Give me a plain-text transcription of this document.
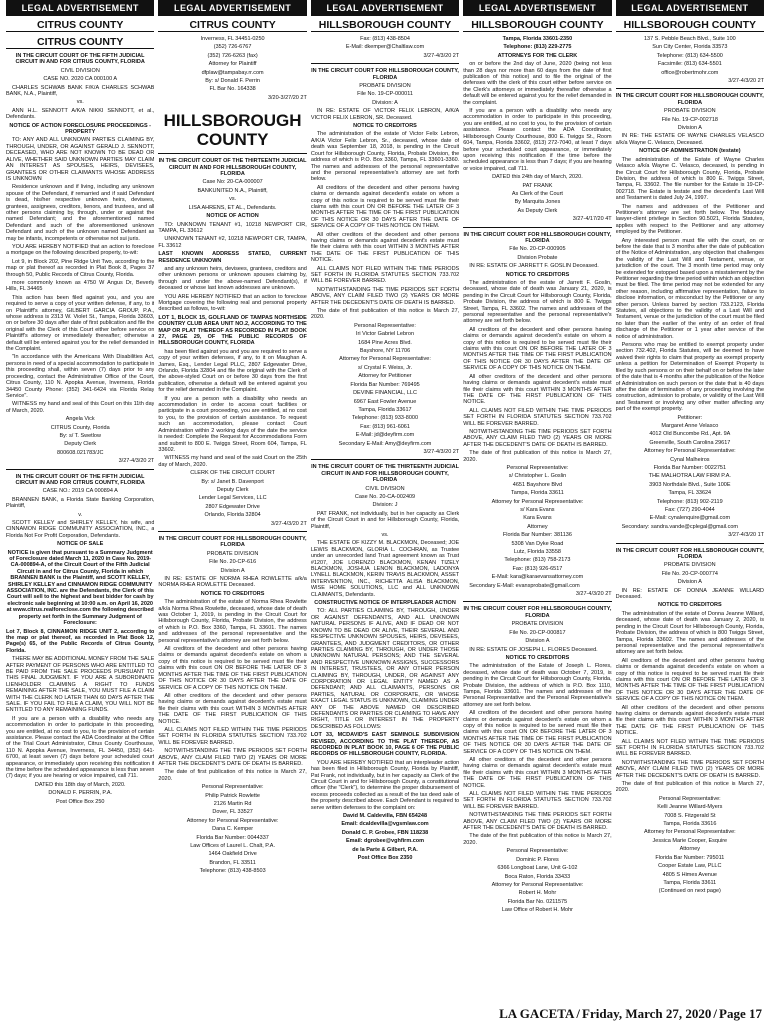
LEGAL ADVERTISEMENT
CITRUS COUNTY
CITRUS COUNTY

IN THE CIRCUIT COURT OF THE FIFTH JUDICIAL CIRCUIT IN AND FOR CITRUS COUNTY, FLORIDA

CIVIL DIVISION

CASE NO. 2020 CA 000100 A

CHARLES SCHWAB BANK F/K/A CHARLES SCHWAB BANK, N.A., Plaintiff,

vs.

ANN H.L. SENNOTT A/K/A NIKKI SENNOTT, et al., Defendants.

NOTICE OF ACTION FORECLOSURE PROCEEDINGS - PROPERTY

TO: ANY AND ALL UNKNOWN PARTIES CLAIMING BY, THROUGH, UNDER, OR AGAINST GERALD J. SENNOTT, DECEASED, WHO ARE NOT KNOWN TO BE DEAD OR ALIVE, WHETHER SAID UNKNOWN PARTIES MAY CLAIM AN INTEREST AS SPOUSES, HEIRS, DEVISEES, GRANTEES OR OTHER CLAIMANTS WHOSE ADDRESS IS UNKNOWN

Residence unknown and if living, including any unknown spouse of the Defendant, if remarried and if said Defendant is dead, his/her respective unknown heirs, devisees, grantees, assignees, creditors, lienors, and trustees, and all other persons claiming by, through, under or against the named Defendant; and the aforementioned named Defendant and such of the aforementioned unknown Defendant and such of the unknown named Defendant as may be infants, incompetents or otherwise not sui juris.

YOU ARE HEREBY NOTIFIED that an action to foreclose a mortgage on the following described property, to-wit:

Lot 9, in Block 202, Pine Ridge Unit Two, according to the map or plat thereof as recorded in Plat Book 8, Pages 37 through 50, Public Records of Citrus County, Florida.

more commonly known as 4750 W Angus Dr, Beverly Hills, FL 34465

This action has been filed against you, and you are required to serve a copy of your written defense, if any, to it on Plaintiff's attorney, GILBERT GARCIA GROUP, P.A., whose address is 2313 W. Violet St., Tampa, Florida 33603, on or before 30 days after date of first publication and file the original with the Clerk of this Court either before service on Plaintiff's attorney or immediately thereafter; otherwise a default will be entered against you for the relief demanded in the Complaint.

"In accordance with the Americans With Disabilities Act, persons in need of a special accommodation to participate in this proceeding shall, within seven (7) days prior to any proceeding, contact the Administrative Office of the Court, Citrus County, 110 N. Apopka Avenue, Inverness, Florida 34450 County Phone: (352) 341-6424 via Florida Relay Service".

WITNESS my hand and seal of this Court on this 11th day of March, 2020.

Angela Vick

CITRUS County, Florida

By: s/ T. Swetlow

Deputy Clerk

800608.021783/JC

3/27-4/3/20 2T

IN THE CIRCUIT COURT OF THE FIFTH JUDICIAL CIRCUIT IN AND FOR CITRUS COUNTY, FLORIDA

CASE NO.: 2019 CA 000894 A

BRANNEN BANK, a Florida State Banking Corporation, Plaintiff,

v.

SCOTT KELLEY and SHIRLEY KELLEY, his wife, and CINNAMON RIDGE COMMUNITY ASSOCIATION, INC., a Florida Not For Profit Corporation, Defendants.

NOTICE OF SALE

NOTICE is given that pursuant to a Summary Judgment of Foreclosure dated March 11, 2020 in Case No. 2019-CA-000894-A, of the Circuit Court of the Fifth Judicial Circuit in and for Citrus County, Florida in which BRANNEN BANK is the Plaintiff, and SCOTT KELLEY, SHIRLEY KELLEY and CINNAMON RIDGE COMMUNITY ASSOCIATION, INC. are the Defendants, the Clerk of this Court will sell to the highest and best bidder for cash by electronic sale beginning at 10:00 a.m. on April 16, 2020 at www.citrus.realforeclose.com the following described property set forth in the Summary Judgment of Foreclosure:

Lot 7, Block 8, CINNAMON RIDGE UNIT 2, according to the map or plat thereof, as recorded in Plat Book 12, Page(s) 65, of the Public Records of Citrus County, Florida.

THERE MAY BE ADDITIONAL MONEY FROM THE SALE AFTER PAYMENT OF PERSONS WHO ARE ENTITLED TO BE PAID FROM THE SALE PROCEEDS PURSUANT TO THIS FINAL JUDGMENT. IF YOU ARE A SUBORDINATE LIENHOLDER CLAIMING A RIGHT TO FUNDS REMAINING AFTER THE SALE, YOU MUST FILE A CLAIM WITH THE CLERK NO LATER THAN 60 DAYS AFTER THE SALE. IF YOU FAIL TO FILE A CLAIM, YOU WILL NOT BE ENTITLED TO ANY REMAINING FUNDS.

If you are a person with a disability who needs any accommodation in order to participate in this proceeding, you are entitled, at no cost to you, to the provision of certain assistance. Please contact the ADA Coordinator at the Office of the Trial Court Administrator, Citrus County Courthouse, 110 N. Apopka Avenue, Inverness, FL 34450, (352) 641-6700, at least seven (7) days before your scheduled court appearance, or immediately upon receiving this notification if the time before the scheduled appearance is less than seven (7) days; if you are hearing or voice impaired, call 711.

DATED this 18th day of March, 2020.

DONALD F. PERRIN, P.A.

Post Office Box 250

LEGAL ADVERTISEMENT
CITRUS COUNTY

Inverness, FL 34451-0250

(352) 726-6767

(352) 726-6263 (fax)

Attorney for Plaintiff

dfplaw@tampabay.rr.com

By: s/ Donald F. Perrin

FL Bar No. 164338

3/20-3/27/20 2T

HILLSBOROUGH COUNTY

IN THE CIRCUIT COURT OF THE THIRTEENTH JUDICIAL CIRCUIT IN AND FOR HILLSBOROUGH COUNTY, FLORIDA

Case No: 20-CA-000007

BANKUNITED N.A., Plaintiff,

vs.

LISA AHRENS, ET AL., Defendants.

NOTICE OF ACTION

TO: UNKNOWN TENANT #1, 10218 NEWPORT CIR, TAMPA, FL 33612

UNKNOWN TENANT #2, 10218 NEWPORT CIR, TAMPA, FL 33612

LAST KNOWN ADDRESS STATED, CURRENT RESIDENCE UNKNOWN

and any unknown heirs, devisees, grantees, creditors and other unknown persons or unknown spouses claiming by, through and under the above-named Defendant(s), if deceased or whose last known addresses are unknown.

YOU ARE HEREBY NOTIFIED that an action to foreclose Mortgage covering the following real and personal property described as follows, to-wit:

LOT 1, BLOCK 15, GOLFLAND OF TAMPAS NORTHSIDE COUNTRY CLUB AREA UNIT NO.2, ACCORDING TO THE MAP OR PLAT THEREOF AS RECORDED IN PLAT BOOK 27, PAGE 29, OF THE PUBLIC RECORDS OF HILLSBOROUGH COUNTY, FLORIDA

has been filed against you and you are required to serve a copy of your written defenses, if any, to it on Maughan A. James, Esq., Lender Legal PLLC, 2807 Edgewater Drive, Orlando, Florida 32804 and file the original with the Clerk of the above-styled Court on or before 30 days from the first publication, otherwise a default will be entered against you for the relief demanded in the Complaint.

If you are a person with a disability who needs an accommodation in order to access court facilities or participate in a court proceeding, you are entitled, at no cost to you, to the provision of certain assistance. To request such an accommodation, please contact Court Administration within 2 working days of the date the service is needed: Complete the Request for Accommodations Form and submit to 800 E. Twiggs Street, Room 604, Tampa, FL 33602.

WITNESS my hand and seal of the said Court on the 25th day of March, 2020.

CLERK OF THE CIRCUIT COURT

By: s/ Janet B. Davenport

Deputy Clerk

Lender Legal Services, LLC

2807 Edgewater Drive

Orlando, Florida 32804

3/27-4/3/20 2T

IN THE CIRCUIT COURT FOR HILLSBOROUGH COUNTY, FLORIDA

PROBATE DIVISION

File No. 20-CP-616

Division A

IN RE: ESTATE OF NORMA RHEA ROWLETTE a/k/a NORMA RHEA ROWLETTE Deceased.

NOTICE TO CREDITORS

The administration of the estate of Norma Rhea Rowlette a/k/a Norma Rhea Rowlette, deceased, whose date of death was October 1, 2019, is pending in the Circuit Court for Hillsborough County, Florida, Probate Division, the address of which is P.O. Box 3360, Tampa, FL 33601. The names and addresses of the personal representative and the personal representative's attorney are set forth below.

All creditors of the decedent and other persons having claims or demands against decedent's estate on whom a copy of this notice is required to be served must file their claims with this court ON OR BEFORE THE LATER OF 3 MONTHS AFTER THE TIME OF THE FIRST PUBLICATION OF THIS NOTICE OR 30 DAYS AFTER THE DATE OF SERVICE OF A COPY OF THIS NOTICE ON THEM.

All other creditors of the decedent and other persons having claims or demands against decedent's estate must file their claims with this court WITHIN 3 MONTHS AFTER THE DATE OF THE FIRST PUBLICATION OF THIS NOTICE.

ALL CLAIMS NOT FILED WITHIN THE TIME PERIODS SET FORTH IN FLORIDA STATUTES SECTION 733.702 WILL BE FOREVER BARRED.

NOTWITHSTANDING THE TIME PERIODS SET FORTH ABOVE, ANY CLAIM FILED TWO (2) YEARS OR MORE AFTER THE DECEDENT'S DATE OF DEATH IS BARRED.

The date of first publication of this notice is March 27, 2020.

Personal Representative:

Philip Patrick Rowlette

2126 Martin Rd

Dover, FL 33527

Attorney for Personal Representative:

Dana C. Kemper

Florida Bar Number: 0044337

Law Offices of Laurel L. Chalt, P.A.

1464 Oakfield Drive

Brandon, FL 33511

Telephone: (813) 438-8503

LEGAL ADVERTISEMENT
HILLSBOROUGH COUNTY

Fax: (813) 438-8504

E-Mail: dkemper@Chaltlaw.com

3/27-4/3/20 2T

IN THE CIRCUIT COURT FOR HILLSBOROUGH COUNTY, FLORIDA

PROBATE DIVISION

File No. 19-CP-000011

Division: A

IN RE: ESTATE OF VICTOR FELIX LEBRON, A/K/A VICTOR FELIX LEBRON, SR. Deceased.

NOTICE TO CREDITORS

The administration of the estate of Victor Felix Lebron, A/K/A Victor Felix Lebron, Sr., deceased, whose date of death was September 18, 2018, is pending in the Circuit Court for Hillsborough County, Florida, Probate Division, the address of which is P.O. Box 3360, Tampa, FL 33601-3360. The names and addresses of the personal representative and the personal representative's attorney are set forth below.

All creditors of the decedent and other persons having claims or demands against decedent's estate on whom a copy of this notice is required to be served must file their claims with this court ON OR BEFORE THE LATER OF 3 MONTHS AFTER THE TIME OF THE FIRST PUBLICATION OF THIS NOTICE OR 30 DAYS AFTER THE DATE OF SERVICE OF A COPY OF THIS NOTICE ON THEM.

All other creditors of the decedent and other persons having claims or demands against decedent's estate must file their claims with this court WITHIN 3 MONTHS AFTER THE DATE OF THE FIRST PUBLICATION OF THIS NOTICE.

ALL CLAIMS NOT FILED WITHIN THE TIME PERIODS SET FORTH IN FLORIDA STATUTES SECTION 733.702 WILL BE FOREVER BARRED.

NOTWITHSTANDING THE TIME PERIODS SET FORTH ABOVE, ANY CLAIM FILED TWO (2) YEARS OR MORE AFTER THE DECEDENT'S DATE OF DEATH IS BARRED.

The date of first publication of this notice is March 27, 2020.

Personal Representative:

Iri Victor Gabriel Lebron

1684 Pine Acres Blvd.

Bayshore, NY 11706

Attorney for Personal Representative:

s/ Crystal F. Weiss, Jr.

Attorney for Petitioner

Florida Bar Number: 769495

DEVINE FINANCIAL, LLC

6967 East Fowler Avenue

Tampa, Florida 33617

Telephone: (813) 933-8000

Fax: (813) 961-6061

E-Mail: jd@deyfirm.com

Secondary E-Mail: Amy@deyfirm.com

3/27-4/3/20 2T

IN THE CIRCUIT COURT OF THE THIRTEENTH JUDICIAL CIRCUIT IN AND FOR HILLSBOROUGH COUNTY, FLORIDA

CIVIL DIVISION

Case No. 20-CA-002409

Division: J

PAT FRANK, not individually, but in her capacity as Clerk of the Circuit Court in and for Hillsborough County, Florida, Plaintiff,

vs.

THE ESTATE OF KIZZY M. BLACKMON, Deceased; JOE LEWIS BLACKMON, GLORIA L. COCHRAN, as Trustee under an unrecorded land Trust agreement known as Trust #1207, JOE LORENZO BLACKMON, KENAN TIZELY BLACKMON, JOSHUA LENON BLACKMON, LADONYA LYNELL BLACKMON, KERIN TRAVIS BLACKMON, ASSET INTERVENTION, INC., RICHETTA ALISA BLACKMON, WISE HOME SOLUTIONS, LLC and ALL UNKNOWN CLAIMANTS, Defendants.

CONSTRUCTIVE NOTICE OF INTERPLEADER ACTION

TO: ALL PARTIES CLAIMING BY, THROUGH, UNDER OR AGAINST DEFENDANTS, AND ALL UNKNOWN NATURAL PERSONS IF ALIVE, AND IF DEAD OR NOT KNOWN TO BE DEAD OR ALIVE, THEIR SEVERAL AND RESPECTIVE UNKNOWN SPOUSES, HEIRS, DEVISEES, GRANTEES, AND JUDGMENT CREDITORS, OR OTHER PARTIES CLAIMING BY, THROUGH, OR UNDER THOSE UNKNOWN NATURAL PERSONS; AND THE SEVERAL AND RESPECTIVE UNKNOWN ASSIGNS, SUCCESSORS IN INTEREST, TRUSTEES, OR ANY OTHER PERSON CLAIMING BY, THROUGH, UNDER, OR AGAINST ANY CORPORATION OR LEGAL ENTITY NAMED AS A DEFENDANT; AND ALL CLAIMANTS, PERSONS OR PARTIES, NATURAL OR CORPORATE, OR WHOSE EXACT LEGAL STATUS IS UNKNOWN, CLAIMING UNDER ANY OF THE ABOVE NAMED OR DESCRIBED DEFENDANTS OR PARTIES OR CLAIMING TO HAVE ANY RIGHT, TITLE OR INTEREST IN THE PROPERTY DESCRIBED AS FOLLOWS:

LOT 33, MCDAVID'S EAST SEMINOLE SUBDIVISION REVISED, ACCORDING TO THE PLAT THEREOF, AS RECORDED IN PLAT BOOK 10, PAGE 6 OF THE PUBLIC RECORDS OF HILLSBOROUGH COUNTY, FLORIDA.

YOU ARE HEREBY NOTIFIED that an interpleader action has been filed in Hillsborough County, Florida by Plaintiff, Pat Frank, not individually, but in her capacity as Clerk of the Circuit Court in and for Hillsborough County, a constitutional officer (the "Clerk"), to determine the proper disbursement of excess proceeds collected as a result of the tax deed sale of the property described above. Each Defendant is required to serve written defenses to the complaint on:

David M. Caldevilla, FBN 654248

Email: dcaldevilla@vgsmlaw.com

Donald C. P. Grobee, FBN 118238

Email: dgrobee@vghfirm.com

de la Parte & Gilbert, P.A.

Post Office Box 2350

LEGAL ADVERTISEMENT
HILLSBOROUGH COUNTY

Tampa, Florida 33601-2350

Telephone: (813) 229-2775

ATTORNEYS FOR THE CLERK

on or before the 2nd day of June, 2020 (being not less than 28 days nor more than 60 days from the date of first publication of this notice) and to file the original of the defenses with the clerk of this court either before service on the Clerk's attorneys or immediately thereafter otherwise a default will be entered against you for the relief demanded in the complaint.

If you are a person with a disability who needs any accommodation in order to participate in this proceeding, you are entitled, at no cost to you, to the provision of certain assistance. Please contact the ADA Coordinator, Hillsborough County Courthouse, 800 E. Twiggs St., Room 604, Tampa, Florida 33602, (813) 272-7040, at least 7 days before your scheduled court appearance, or immediately upon receiving this notification if the time before the scheduled appearance is less than 7 days; if you are hearing or voice impaired, call 711.

DATED this 24th day of March, 2020.

PAT FRANK

As Clerk of the Court

By Marquita Jones

As Deputy Clerk

3/27-4/17/20 4T

IN THE CIRCUIT COURT FOR HILLSBOROUGH COUNTY, FLORIDA

File No. 20-CP-000905

Division Probate

IN RE: ESTATE OF JARRETT F. GOSLIN Deceased.

NOTICE TO CREDITORS

The administration of the estate of Jarrett F. Goslin, deceased, whose date of death was January 21, 2020, is pending in the Circuit Court for Hillsborough County, Florida, Probate Division, the address of which is 800 E. Twiggs Street, Tampa, FL 33602. The names and addresses of the personal representative and the personal representative's attorney are set forth below.

All creditors of the decedent and other persons having claims or demands against decedent's estate on whom a copy of this notice is required to be served must file their claims with this court ON OR BEFORE THE LATER OF 3 MONTHS AFTER THE TIME OF THE FIRST PUBLICATION OF THIS NOTICE OR 30 DAYS AFTER THE DATE OF SERVICE OF A COPY OF THIS NOTICE ON THEM.

All other creditors of the decedent and other persons having claims or demands against decedent's estate must file their claims with this court WITHIN 3 MONTHS AFTER THE DATE OF THE FIRST PUBLICATION OF THIS NOTICE.

ALL CLAIMS NOT FILED WITHIN THE TIME PERIODS SET FORTH IN FLORIDA STATUTES SECTION 733.702 WILL BE FOREVER BARRED.

NOTWITHSTANDING THE TIME PERIODS SET FORTH ABOVE, ANY CLAIM FILED TWO (2) YEARS OR MORE AFTER THE DECEDENT'S DATE OF DEATH IS BARRED.

The date of first publication of this notice is March 27, 2020.

Personal Representative:

s/ Christopher L. Goslin

4651 Bayshore Blvd

Tampa, Florida 33611

Attorney for Personal Representative:

s/ Kara Evans

Kara Evans

Attorney

Florida Bar Number: 381136

5308 Van Dyke Road

Lutz, Florida 33558

Telephone: (813) 758-2173

Fax: (813) 926-6517

E-Mail: kara@karaevansattorney.com

Secondary E-Mail: evansprobate@gmail.com

3/27-4/3/20 2T

IN THE CIRCUIT COURT FOR HILLSBOROUGH COUNTY, FLORIDA

PROBATE DIVISION

File No. 20-CP-000817

Division A

IN RE: ESTATE OF JOSEPH L. FLORES Deceased.

NOTICE TO CREDITORS

The administration of the Estate of Joseph L. Flores, deceased, whose date of death was October 7, 2019, is pending in the Circuit Court for Hillsborough County, Florida, Probate Division, the address of which is P.O. Box 1110, Tampa, Florida 33601. The names and addresses of the Personal Representative and the Personal Representative's attorney are set forth below.

All creditors of the decedent and other persons having claims or demands against decedent's estate on whom a copy of this notice is required to be served must file their claims with this court ON OR BEFORE THE LATER OF 3 MONTHS AFTER THE TIME OF THE FIRST PUBLICATION OF THIS NOTICE OR 30 DAYS AFTER THE DATE OF SERVICE OF A COPY OF THIS NOTICE ON THEM.

All other creditors of the decedent and other persons having claims or demands against decedent's estate must file their claims with this court WITHIN 3 MONTHS AFTER THE DATE OF THE FIRST PUBLICATION OF THIS NOTICE.

ALL CLAIMS NOT FILED WITHIN THE TIME PERIODS SET FORTH IN FLORIDA STATUTES SECTION 733.702 WILL BE FOREVER BARRED.

NOTWITHSTANDING THE TIME PERIODS SET FORTH ABOVE, ANY CLAIM FILED TWO (2) YEARS OR MORE AFTER THE DECEDENT'S DATE OF DEATH IS BARRED.

The date of the first publication of this notice is March 27, 2020.

Personal Representative:

Dominic P. Flores

6366 Longboat Lane, Unit G-102

Boca Raton, Florida 33433

Attorney for Personal Representative:

Robert H. Mohr

Florida Bar No. 0211575

Law Office of Robert H. Mohr

LEGAL ADVERTISEMENT
HILLSBOROUGH COUNTY

137 S. Pebble Beach Blvd., Suite 100

Sun City Center, Florida 33573

Telephone: (813) 634-5500

Facsimile: (813) 634-5501

office@robertmohr.com

3/27-4/3/20 2T

IN THE CIRCUIT COURT FOR HILLSBOROUGH COUNTY, FLORIDA

PROBATE DIVISION

File No. 19-CP-002718

Division A

IN RE: THE ESTATE OF WAYNE CHARLES VELASCO a/k/a Wayne C. Velasco, Deceased.

NOTICE OF ADMINISTRATION (testate)

The administration of the Estate of Wayne Charles Velasco a/k/a Wayne C. Velasco, deceased, is pending in the Circuit Court for Hillsborough County, Florida, Probate Division, the address of which is 800 E. Twiggs Street, Tampa, FL 33602. The file number for the Estate is 19-CP-002718. The Estate is testate and the decedent's Last Will and Testament is dated July 24, 1997.

The names and addresses of the Petitioner and Petitioner's attorney are set forth below. The fiduciary lawyer-client privilege in Section 90.5021, Florida Statutes, applies with respect to the Petitioner and any attorney employed by the Petitioner.

Any interested person must file with the court, on or before the date that is 3 months after the date of publication of the Notice of Administration, any objection that challenges the validity of the Last Will and Testament, venue, or jurisdiction of the court. The 3 month time period may only be extended for estopped based upon a misstatement by the Petitioner regarding the time period within which an objection must be filed. The time period may not be extended for any other reason, including affirmative representation, failure to disclose information, or misconduct by the Petitioner or any other person. Unless barred by section 733.2123, Florida Statutes, all objections to the validity of a Last Will and Testament, venue or the jurisdiction of the court must be filed no later than the earlier of the entry of an order of final discharge of the Petitioner or 1 year after service of the notice of administration.

Persons who may be entitled to exempt property under section 732.402, Florida Statutes, will be deemed to have waived their rights to claim that property as exempt property unless a petition for Determination of Exempt Property is filed by such persons or on their behalf on or before the later of the date that is 4 months after the publication of the Notice of Administration on such person or the date that is 40 days after the date of termination of any proceeding involving the construction, admission to probate, or validity of the Last Will and Testament or involving any other matter affecting any part of the exempt property.

Petitioner:

Margaret Anne Velasco

4012 Old Buncombe Rd., Apt. 9A

Greenville, South Carolina 29617

Attorney for Personal Representative:

Cynal Malheiros

Florida Bar Number: 0022751

THE MALHOTRA LAW FIRM P.A.

3903 Northdale Blvd., Suite 100E

Tampa, FL 33624

Telephone: (813) 902-2119

Fax: (727) 290-4044

E-Mail: cynalenquire@gmail.com

Secondary: sandra.vande@cplegal@gmail.com

3/27-4/3/20 1T

IN THE CIRCUIT COURT FOR HILLSBOROUGH COUNTY, FLORIDA

PROBATE DIVISION

File No. 20-CP-000774

Division A

IN RE: ESTATE OF DONNA JEANNE WILLARD Deceased.

NOTICE TO CREDITORS

The administration of the estate of Donna Jeanne Willard, deceased, whose date of death was January 2, 2020, is pending in the Circuit Court for Hillsborough County, Florida, Probate Division, the address of which is 800 Twiggs Street, Tampa, Florida 33602. The names and addresses of the personal representative and the personal representative's attorney are set forth below.

All creditors of the decedent and other persons having claims or demands against decedent's estate on whom a copy of this notice is required to be served must file their claims with this court ON OR BEFORE THE LATER OF 3 MONTHS AFTER THE TIME OF THE FIRST PUBLICATION OF THIS NOTICE OR 30 DAYS AFTER THE DATE OF SERVICE OF A COPY OF THIS NOTICE ON THEM.

All other creditors of the decedent and other persons having claims or demands against decedent's estate must file their claims with this court WITHIN 3 MONTHS AFTER THE DATE OF THE FIRST PUBLICATION OF THIS NOTICE.

ALL CLAIMS NOT FILED WITHIN THE TIME PERIODS SET FORTH IN FLORIDA STATUTES SECTION 733.702 WILL BE FOREVER BARRED.

NOTWITHSTANDING THE TIME PERIODS SET FORTH ABOVE, ANY CLAIM FILED TWO (2) YEARS OR MORE AFTER THE DECEDENT'S DATE OF DEATH IS BARRED.

The date of first publication of this notice is March 27, 2020.

Personal Representative:

Kelli Jeanne Willard-Myers

7008 S. Fitzgerald St

Tampa, Florida 33616

Attorney for Personal Representative:

Jessica Marie Cooper, Esquire

Attorney

Florida Bar Number: 795011

Cooper Estate Law, PLLC

4805 S Himes Avenue

Tampa, Florida 33611

(Continued on next page)

LA GACETA / Friday, March 27, 2020 / Page 17
